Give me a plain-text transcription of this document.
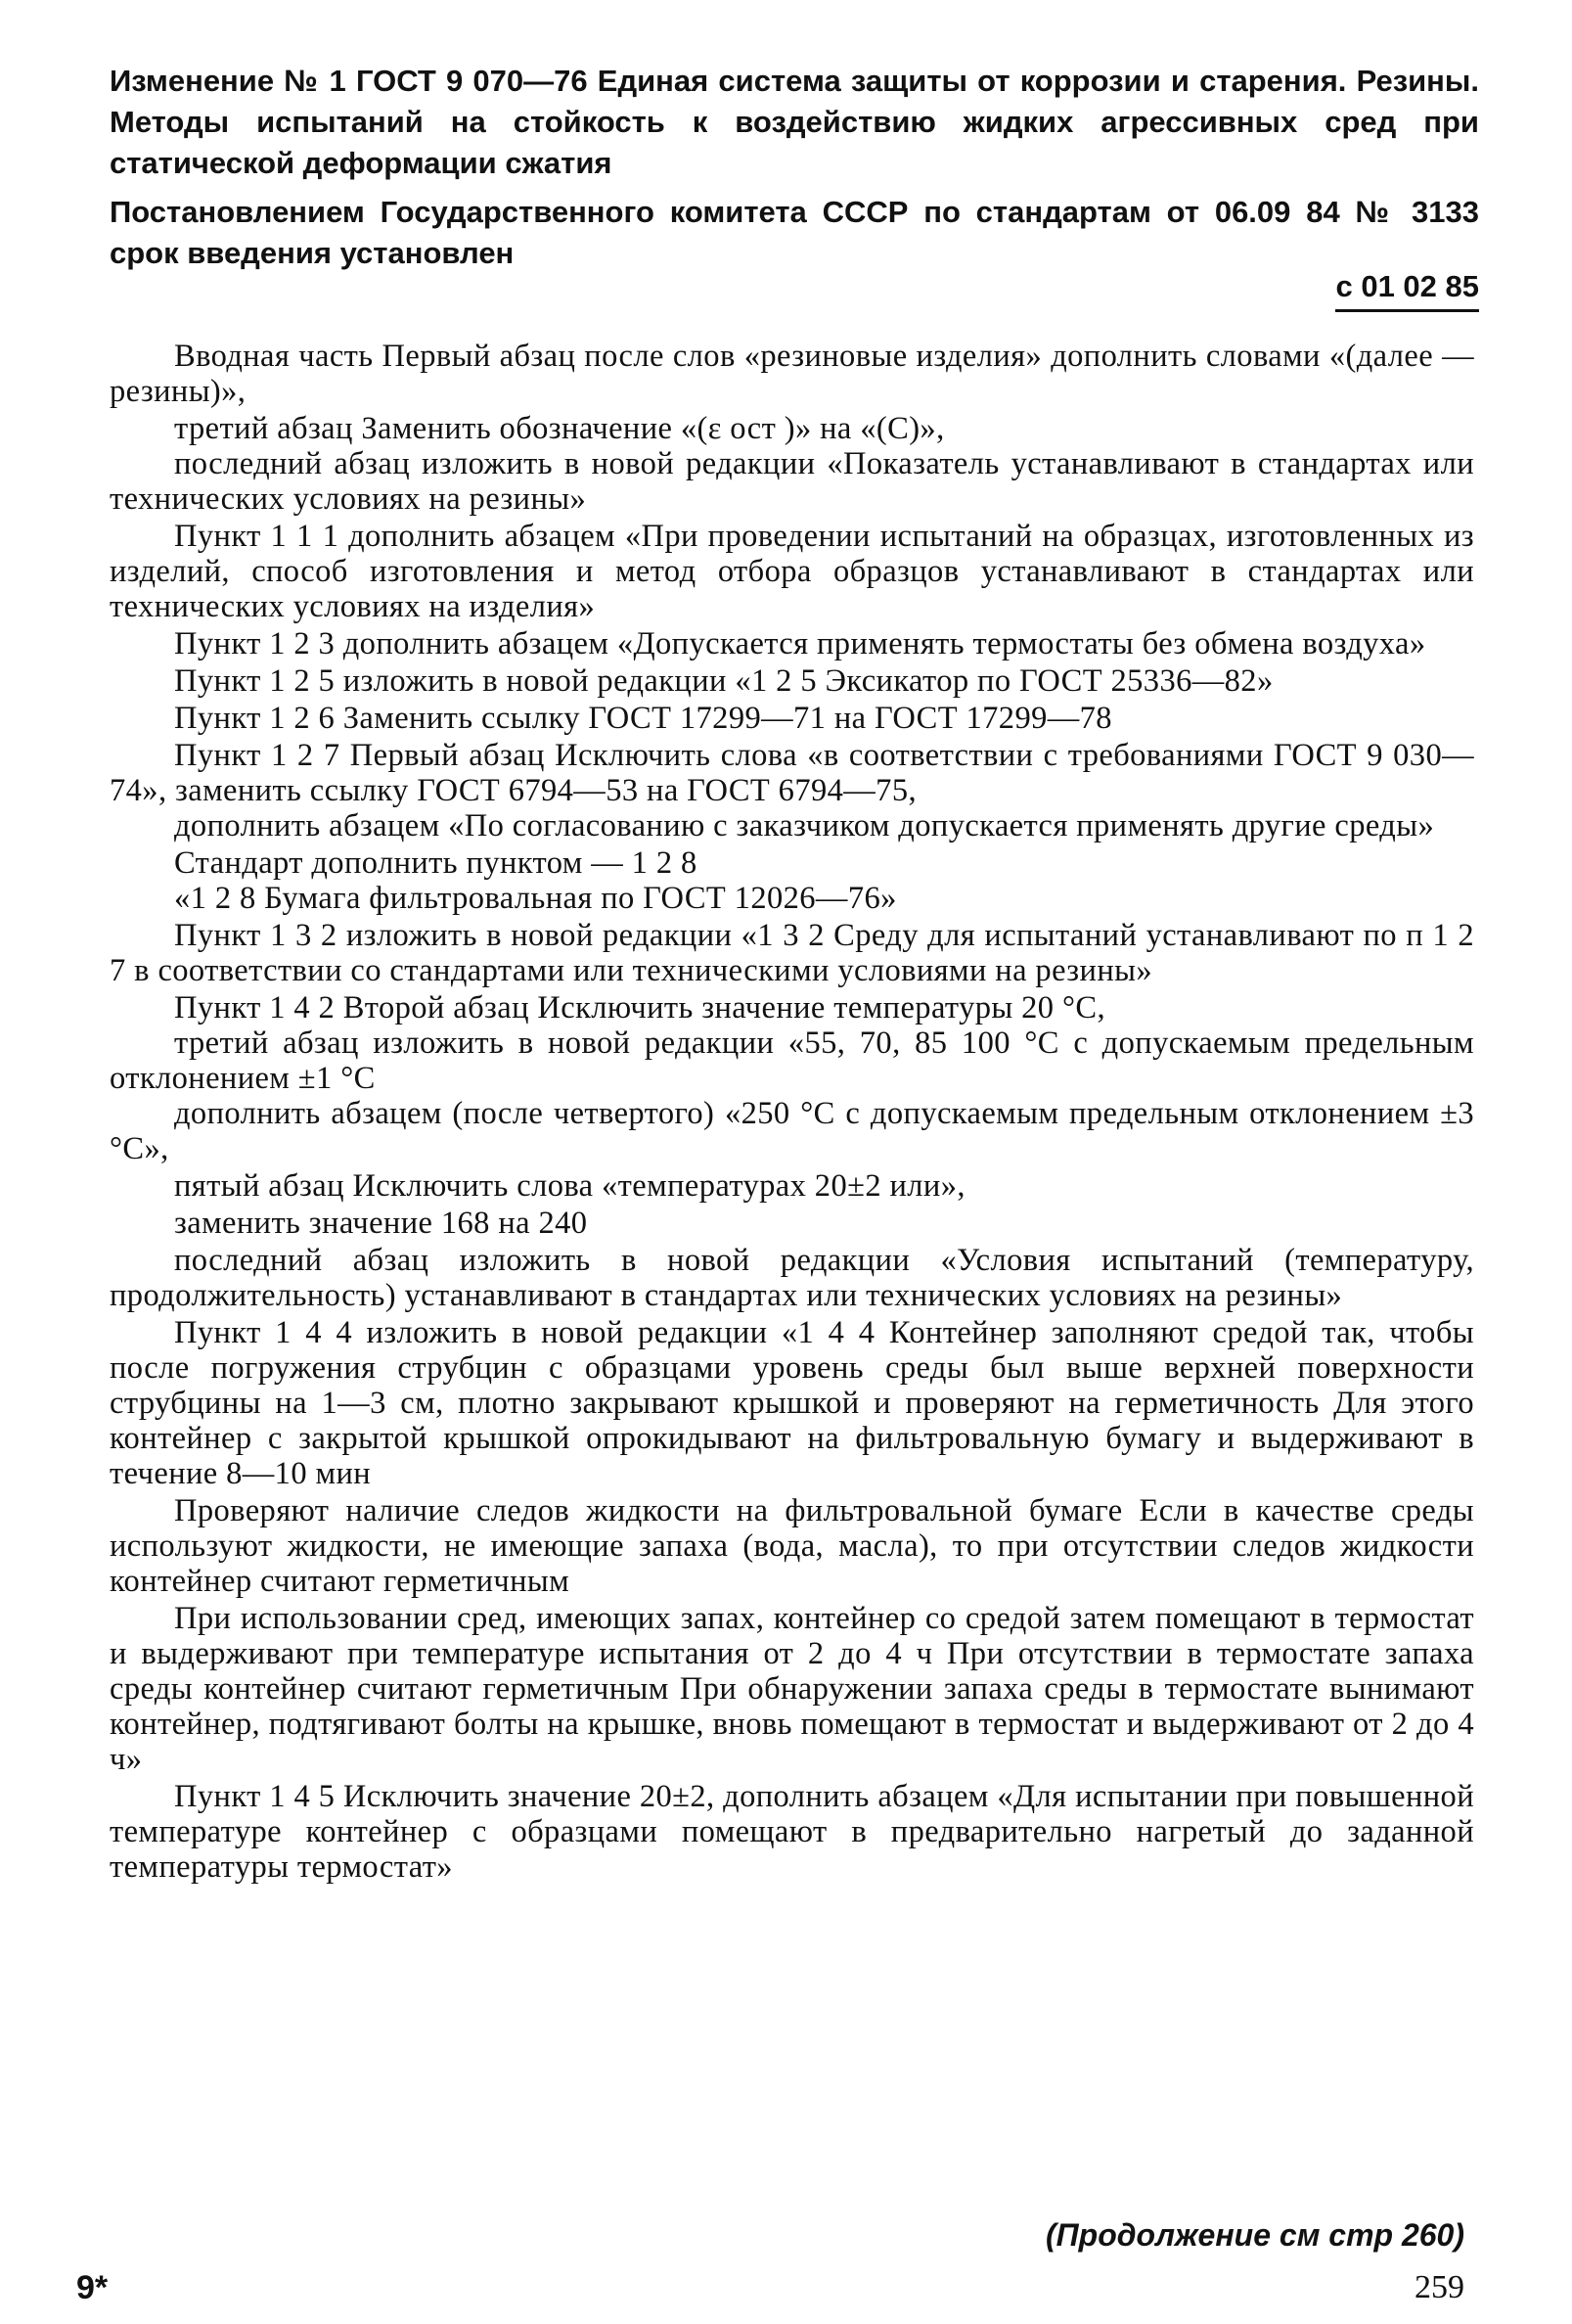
Изменение № 1 ГОСТ 9 070—76 Единая система защиты от коррозии и старения. Резины. Методы испытаний на стойкость к воздействию жидких агрессивных сред при статической деформации сжатия
Постановлением Государственного комитета СССР по стандартам от 06.09 84 № 3133 срок введения установлен
с 01 02 85

Вводная часть Первый абзац после слов «резиновые изделия» дополнить словами «(далее — резины)»,

третий абзац Заменить обозначение «(ε ост )» на «(С)»,

последний абзац изложить в новой редакции «Показатель устанавливают в стандартах или технических условиях на резины»

Пункт 1 1 1 дополнить абзацем «При проведении испытаний на образцах, изготовленных из изделий, способ изготовления и метод отбора образцов устанавливают в стандартах или технических условиях на изделия»

Пункт 1 2 3 дополнить абзацем «Допускается применять термостаты без обмена воздуха»

Пункт 1 2 5 изложить в новой редакции «1 2 5 Эксикатор по ГОСТ 25336—82»

Пункт 1 2 6 Заменить ссылку ГОСТ 17299—71 на ГОСТ 17299—78

Пункт 1 2 7 Первый абзац Исключить слова «в соответствии с требованиями ГОСТ 9 030—74», заменить ссылку ГОСТ 6794—53 на ГОСТ 6794—75,

дополнить абзацем «По согласованию с заказчиком допускается применять другие среды»

Стандарт дополнить пунктом — 1 2 8

«1 2 8 Бумага фильтровальная по ГОСТ 12026—76»

Пункт 1 3 2 изложить в новой редакции «1 3 2 Среду для испытаний устанавливают по п 1 2 7 в соответствии со стандартами или техническими условиями на резины»

Пункт 1 4 2 Второй абзац Исключить значение температуры 20 °С,

третий абзац изложить в новой редакции «55, 70, 85 100 °С с допускаемым предельным отклонением ±1 °С

дополнить абзацем (после четвертого) «250 °С с допускаемым предельным отклонением ±3 °С»,

пятый абзац Исключить слова «температурах 20±2 или»,

заменить значение 168 на 240

последний абзац изложить в новой редакции «Условия испытаний (температуру, продолжительность) устанавливают в стандартах или технических условиях на резины»

Пункт 1 4 4 изложить в новой редакции «1 4 4 Контейнер заполняют средой так, чтобы после погружения струбцин с образцами уровень среды был выше верхней поверхности струбцины на 1—3 см, плотно закрывают крышкой и проверяют на герметичность Для этого контейнер с закрытой крышкой опрокидывают на фильтровальную бумагу и выдерживают в течение 8—10 мин

Проверяют наличие следов жидкости на фильтровальной бумаге Если в качестве среды используют жидкости, не имеющие запаха (вода, масла), то при отсутствии следов жидкости контейнер считают герметичным

При использовании сред, имеющих запах, контейнер со средой затем помещают в термостат и выдерживают при температуре испытания от 2 до 4 ч При отсутствии в термостате запаха среды контейнер считают герметичным При обнаружении запаха среды в термостате вынимают контейнер, подтягивают болты на крышке, вновь помещают в термостат и выдерживают от 2 до 4 ч»

Пункт 1 4 5 Исключить значение 20±2, дополнить абзацем «Для испытании при повышенной температуре контейнер с образцами помещают в предварительно нагретый до заданной температуры термостат»

(Продолжение см стр 260)
9*	259
